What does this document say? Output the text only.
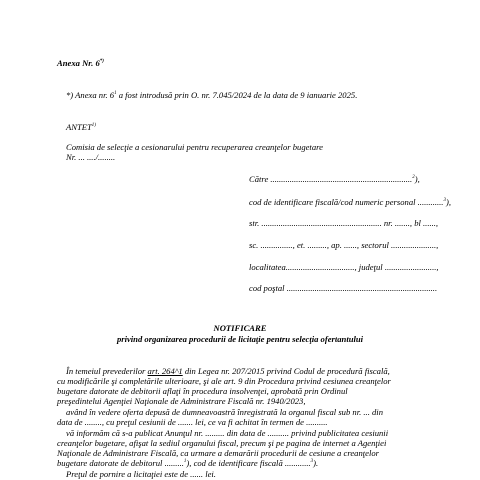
Anexa Nr. 6*)
*) Anexa nr. $6^1$ a fost introdusă prin O. nr. 7.045/2024 de la data de 9 ianuarie 2025.
ANTET$^{1)}$
Comisia de selecţie a cesionarului pentru recuperarea creanţelor bugetare
Nr. ... ..../........
Către ..................................................................$^2$),
cod de identificare fiscală/cod numeric personal ............$^3$),
str. ........................................................ nr. ......., bl ......,
sc. ..............., et. ........., ap. ......, sectorul .....................,
localitatea................................, judeţul ........................,
cod poştal ......................................................................
NOTIFICARE
privind organizarea procedurii de licitaţie pentru selecţia ofertantului
În temeiul prevederilor art. 264^1 din Legea nr. 207/2015 privind Codul de procedură fiscală,
cu modificările şi completările ulterioare, şi ale art. 9 din Procedura privind cesiunea creanţelor
bugetare datorate de debitorii aflaţi în procedura insolvenţei, aprobată prin Ordinul
preşedintelui Agenţiei Naţionale de Administrare Fiscală nr. 1940/2023,
având în vedere oferta depusă de dumneavoastră înregistrată la organul fiscal sub nr. ... din
data de ........, cu preţul cesiunii de ....... lei, ce va fi achitat în termen de ..........
vă informăm că s-a publicat Anunţul nr. ......... din data de .......... privind publicitatea cesiunii
creanţelor bugetare, afişat la sediul organului fiscal, precum şi pe pagina de internet a Agenţiei
Naţionale de Administrare Fiscală, ca urmare a demarării procedurii de cesiune a creanţelor
bugetare datorate de debitorul .........$^1$), cod de identificare fiscală ............$^3$).
Preţul de pornire a licitaţiei este de ...... lei.
